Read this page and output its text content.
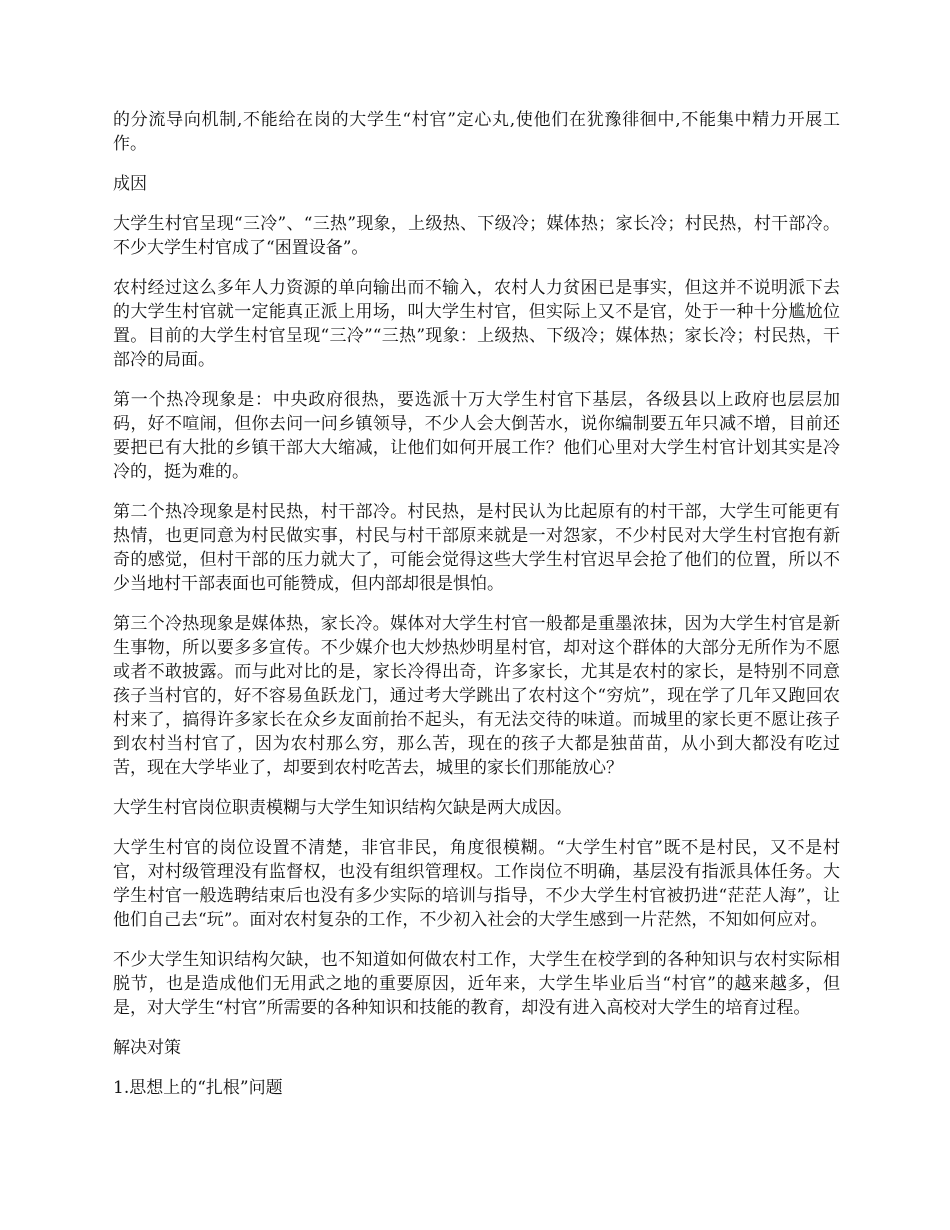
的分流导向机制,不能给在岗的大学生“村官”定心丸,使他们在犹豫徘徊中,不能集中精力开展工作。

成因

大学生村官呈现“三冷”、“三热”现象，上级热、下级冷；媒体热；家长冷；村民热，村干部冷。不少大学生村官成了“困置设备”。

农村经过这么多年人力资源的单向输出而不输入，农村人力贫困已是事实，但这并不说明派下去的大学生村官就一定能真正派上用场，叫大学生村官，但实际上又不是官，处于一种十分尴尬位置。目前的大学生村官呈现“三冷”“三热”现象：上级热、下级冷；媒体热；家长冷；村民热，干部冷的局面。

第一个热冷现象是：中央政府很热，要选派十万大学生村官下基层，各级县以上政府也层层加码，好不喧闹，但你去问一问乡镇领导，不少人会大倒苦水，说你编制要五年只减不增，目前还要把已有大批的乡镇干部大大缩减，让他们如何开展工作？他们心里对大学生村官计划其实是冷冷的，挺为难的。

第二个热冷现象是村民热，村干部冷。村民热，是村民认为比起原有的村干部，大学生可能更有热情，也更同意为村民做实事，村民与村干部原来就是一对怨家，不少村民对大学生村官抱有新奇的感觉，但村干部的压力就大了，可能会觉得这些大学生村官迟早会抢了他们的位置，所以不少当地村干部表面也可能赞成，但内部却很是惧怕。

第三个冷热现象是媒体热，家长冷。媒体对大学生村官一般都是重墨浓抹，因为大学生村官是新生事物，所以要多多宣传。不少媒介也大炒热炒明星村官，却对这个群体的大部分无所作为不愿或者不敢披露。而与此对比的是，家长冷得出奇，许多家长，尤其是农村的家长，是特别不同意孩子当村官的，好不容易鱼跃龙门，通过考大学跳出了农村这个“穷炕”，现在学了几年又跑回农村来了，搞得许多家长在众乡友面前抬不起头，有无法交待的味道。而城里的家长更不愿让孩子到农村当村官了，因为农村那么穷，那么苦，现在的孩子大都是独苗苗，从小到大都没有吃过苦，现在大学毕业了，却要到农村吃苦去，城里的家长们那能放心？

大学生村官岗位职责模糊与大学生知识结构欠缺是两大成因。

大学生村官的岗位设置不清楚，非官非民，角度很模糊。“大学生村官”既不是村民，又不是村官，对村级管理没有监督权，也没有组织管理权。工作岗位不明确，基层没有指派具体任务。大学生村官一般选聘结束后也没有多少实际的培训与指导，不少大学生村官被扔进“茫茫人海”，让他们自己去“玩”。面对农村复杂的工作，不少初入社会的大学生感到一片茫然，不知如何应对。

不少大学生知识结构欠缺，也不知道如何做农村工作，大学生在校学到的各种知识与农村实际相脱节，也是造成他们无用武之地的重要原因，近年来，大学生毕业后当“村官”的越来越多，但是，对大学生“村官”所需要的各种知识和技能的教育，却没有进入高校对大学生的培育过程。

解决对策

1.思想上的“扎根”问题
